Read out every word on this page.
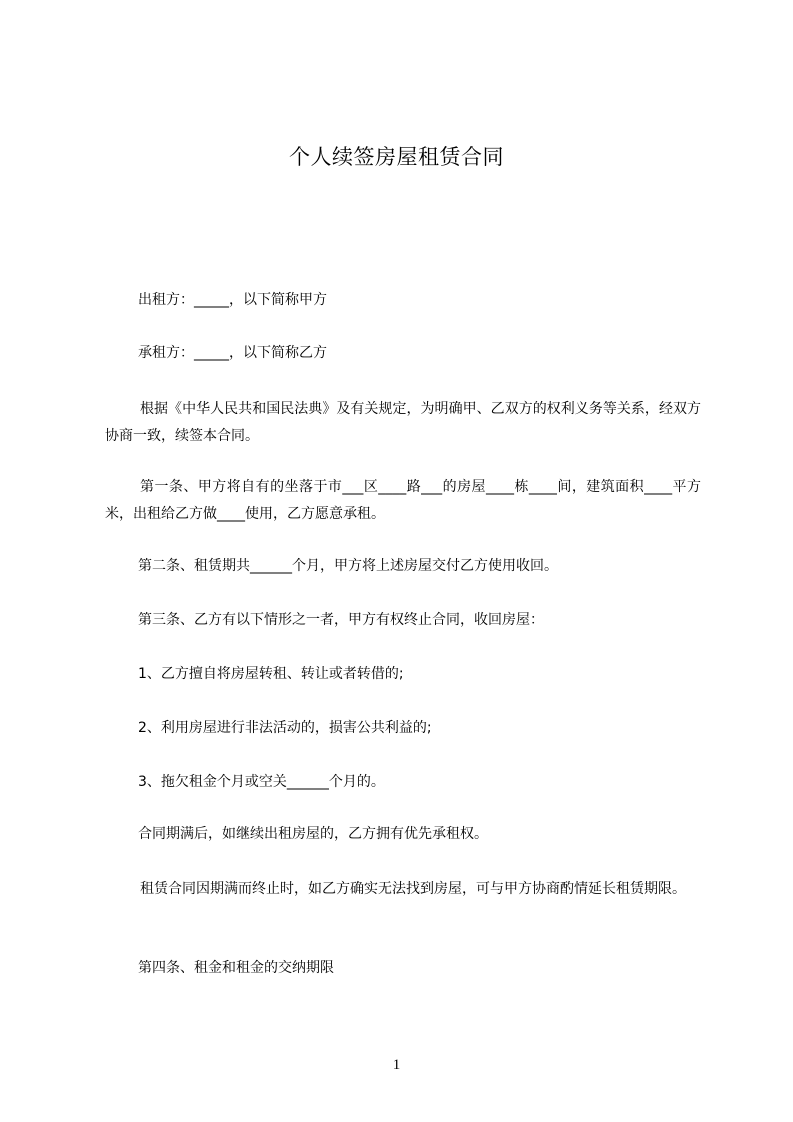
个人续签房屋租赁合同

出租方：_____，以下简称甲方

承租方：_____，以下简称乙方

根据《中华人民共和国民法典》及有关规定，为明确甲、乙双方的权利义务等关系，经双方协商一致，续签本合同。

第一条、甲方将自有的坐落于市___区____路___的房屋____栋____间，建筑面积____平方米，出租给乙方做____使用，乙方愿意承租。

第二条、租赁期共______个月，甲方将上述房屋交付乙方使用收回。

第三条、乙方有以下情形之一者，甲方有权终止合同，收回房屋：

1、乙方擅自将房屋转租、转让或者转借的;

2、利用房屋进行非法活动的，损害公共利益的;

3、拖欠租金个月或空关______个月的。

合同期满后，如继续出租房屋的，乙方拥有优先承租权。

租赁合同因期满而终止时，如乙方确实无法找到房屋，可与甲方协商酌情延长租赁期限。

第四条、租金和租金的交纳期限

1
